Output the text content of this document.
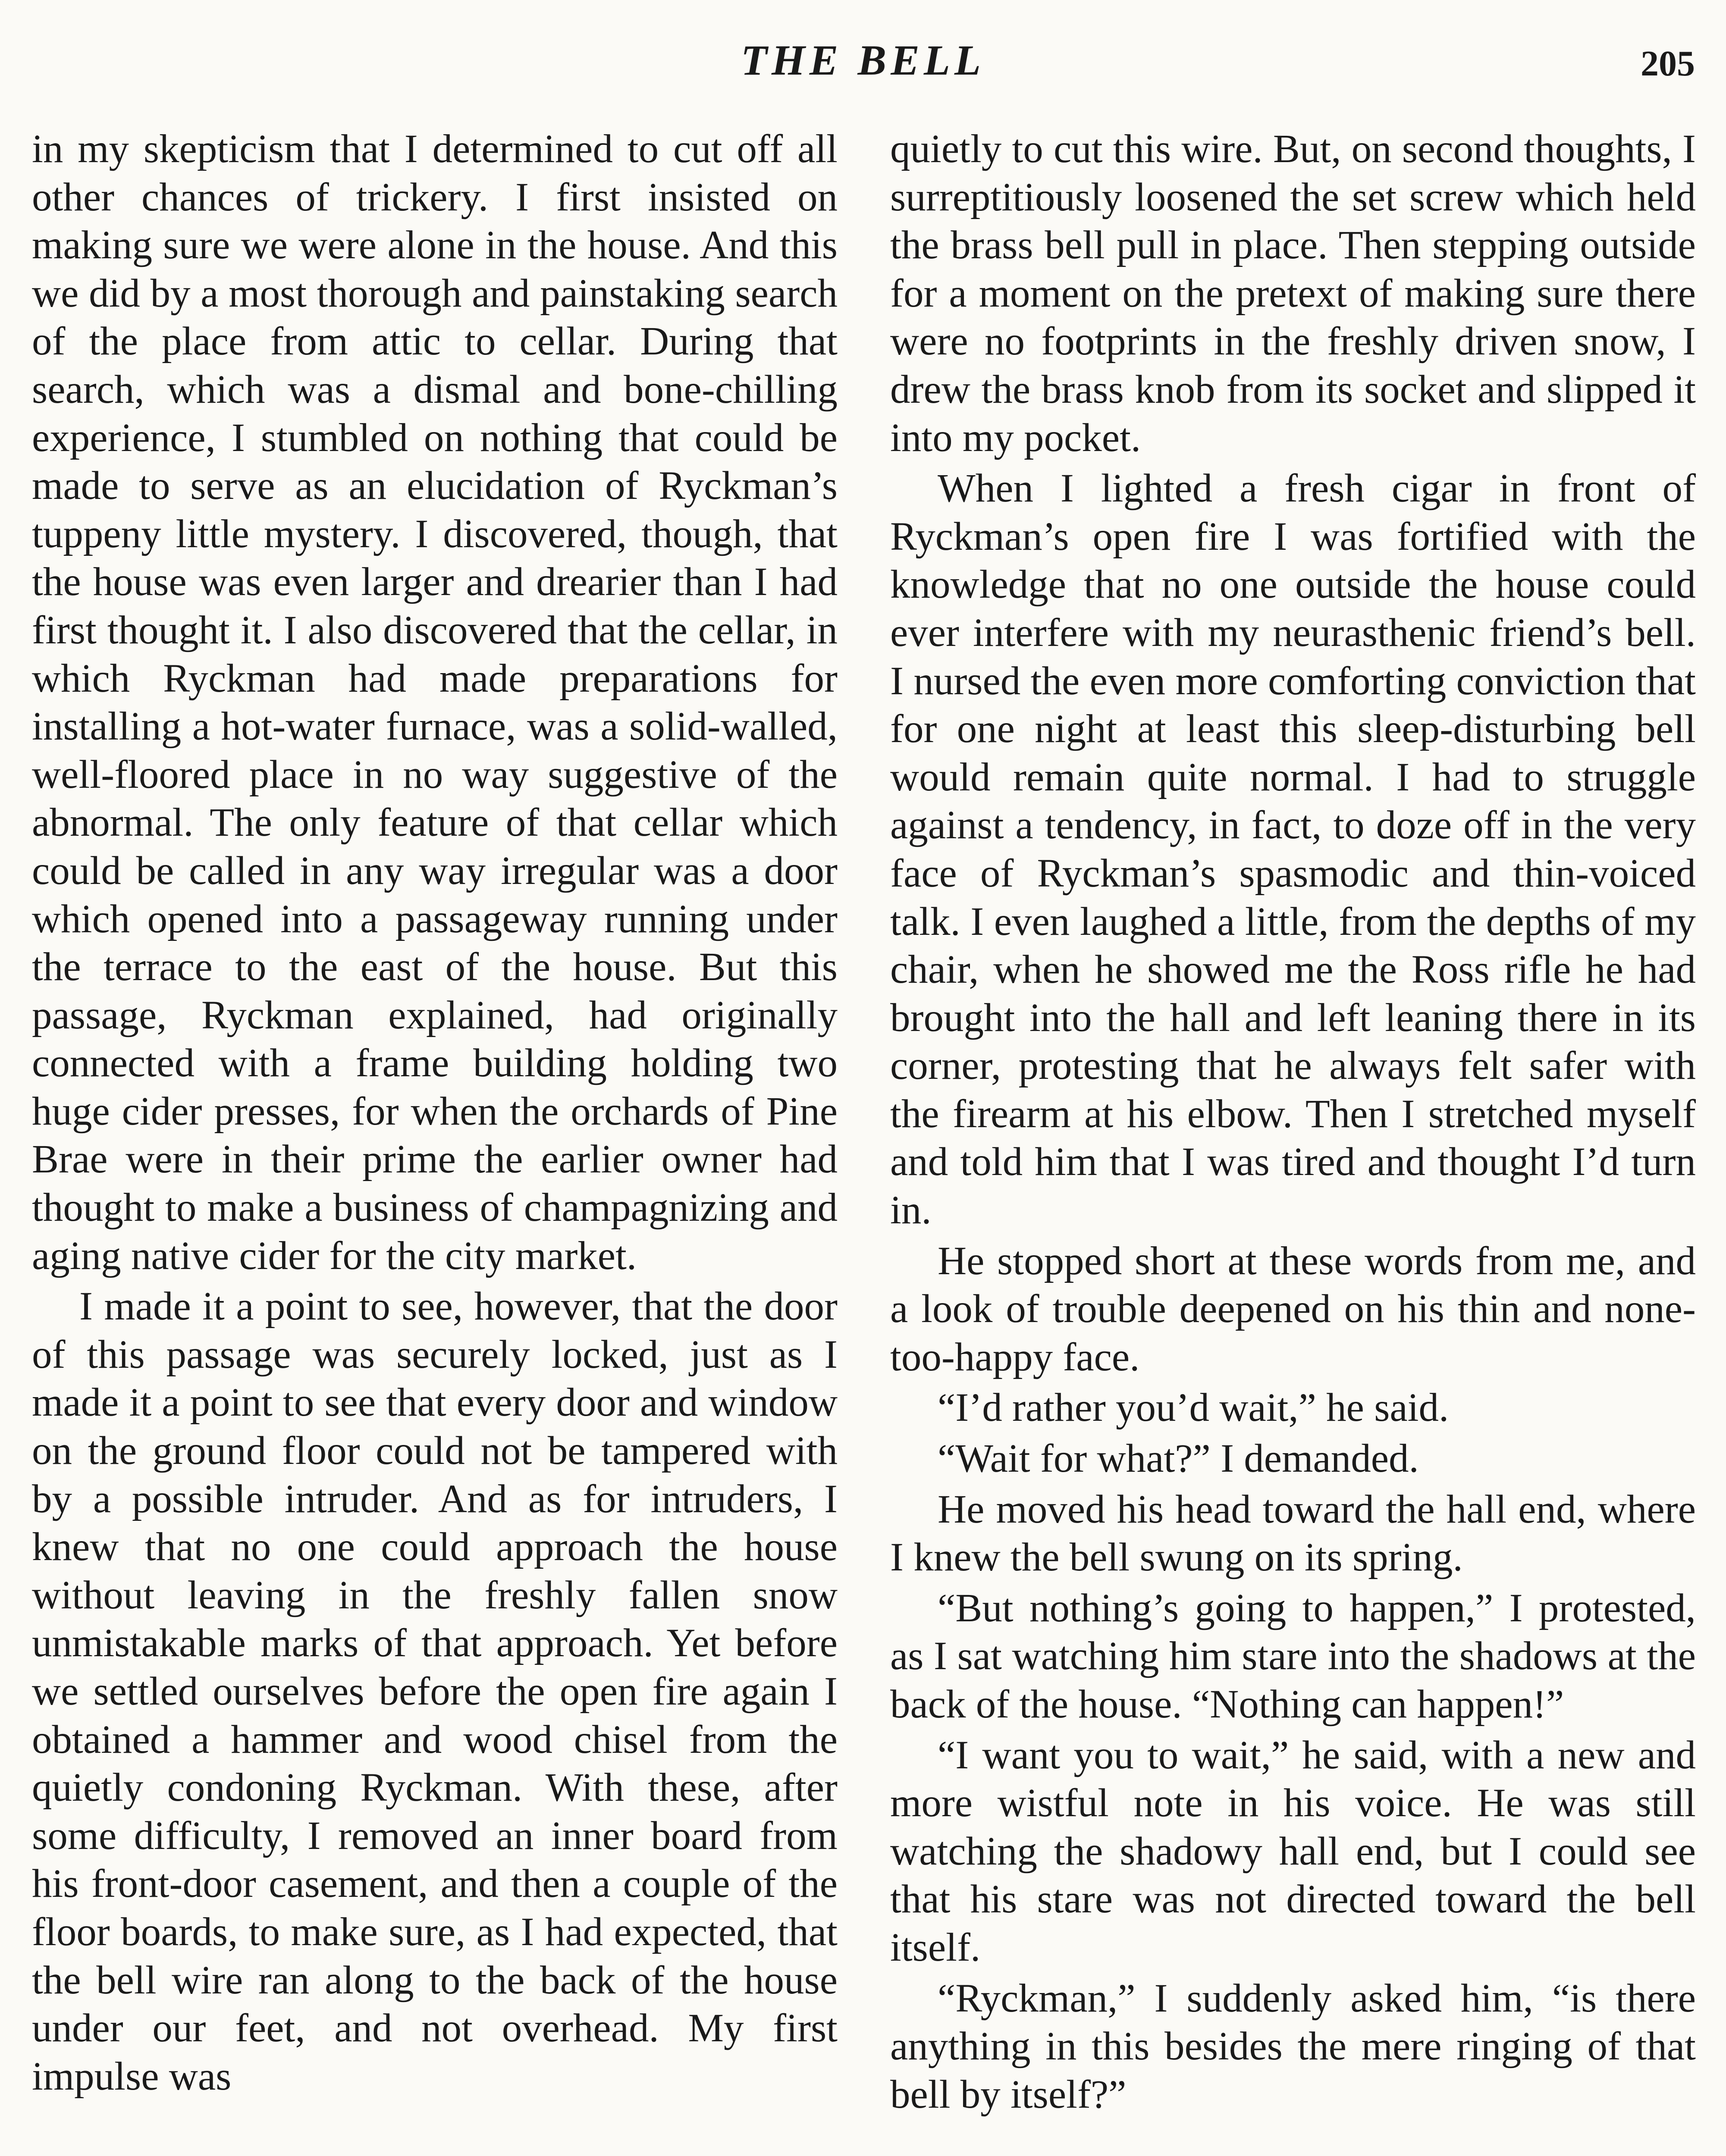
THE BELL	205

in my skepticism that I determined to cut off all other chances of trickery. I first insisted on making sure we were alone in the house. And this we did by a most thorough and painstaking search of the place from attic to cellar. During that search, which was a dismal and bone-chilling experience, I stumbled on nothing that could be made to serve as an elucidation of Ryckman’s tuppeny little mystery. I discovered, though, that the house was even larger and drearier than I had first thought it. I also discovered that the cellar, in which Ryckman had made preparations for installing a hot-water furnace, was a solid-walled, well-floored place in no way suggestive of the abnormal. The only feature of that cellar which could be called in any way irregular was a door which opened into a passageway running under the terrace to the east of the house. But this passage, Ryckman explained, had originally connected with a frame building holding two huge cider presses, for when the orchards of Pine Brae were in their prime the earlier owner had thought to make a business of champagnizing and aging native cider for the city market.

I made it a point to see, however, that the door of this passage was securely locked, just as I made it a point to see that every door and window on the ground floor could not be tampered with by a possible intruder. And as for intruders, I knew that no one could approach the house without leaving in the freshly fallen snow unmistakable marks of that approach. Yet before we settled ourselves before the open fire again I obtained a hammer and wood chisel from the quietly condoning Ryckman. With these, after some difficulty, I removed an inner board from his front-door casement, and then a couple of the floor boards, to make sure, as I had expected, that the bell wire ran along to the back of the house under our feet, and not overhead. My first impulse was

quietly to cut this wire. But, on second thoughts, I surreptitiously loosened the set screw which held the brass bell pull in place. Then stepping outside for a moment on the pretext of making sure there were no footprints in the freshly driven snow, I drew the brass knob from its socket and slipped it into my pocket.

When I lighted a fresh cigar in front of Ryckman’s open fire I was fortified with the knowledge that no one outside the house could ever interfere with my neurasthenic friend’s bell. I nursed the even more comforting conviction that for one night at least this sleep-disturbing bell would remain quite normal. I had to struggle against a tendency, in fact, to doze off in the very face of Ryckman’s spasmodic and thin-voiced talk. I even laughed a little, from the depths of my chair, when he showed me the Ross rifle he had brought into the hall and left leaning there in its corner, protesting that he always felt safer with the firearm at his elbow. Then I stretched myself and told him that I was tired and thought I’d turn in.

He stopped short at these words from me, and a look of trouble deepened on his thin and none-too-happy face.

“I’d rather you’d wait,” he said.

“Wait for what?” I demanded.

He moved his head toward the hall end, where I knew the bell swung on its spring.

“But nothing’s going to happen,” I protested, as I sat watching him stare into the shadows at the back of the house. “Nothing can happen!”

“I want you to wait,” he said, with a new and more wistful note in his voice. He was still watching the shadowy hall end, but I could see that his stare was not directed toward the bell itself.

“Ryckman,” I suddenly asked him, “is there anything in this besides the mere ringing of that bell by itself?”
